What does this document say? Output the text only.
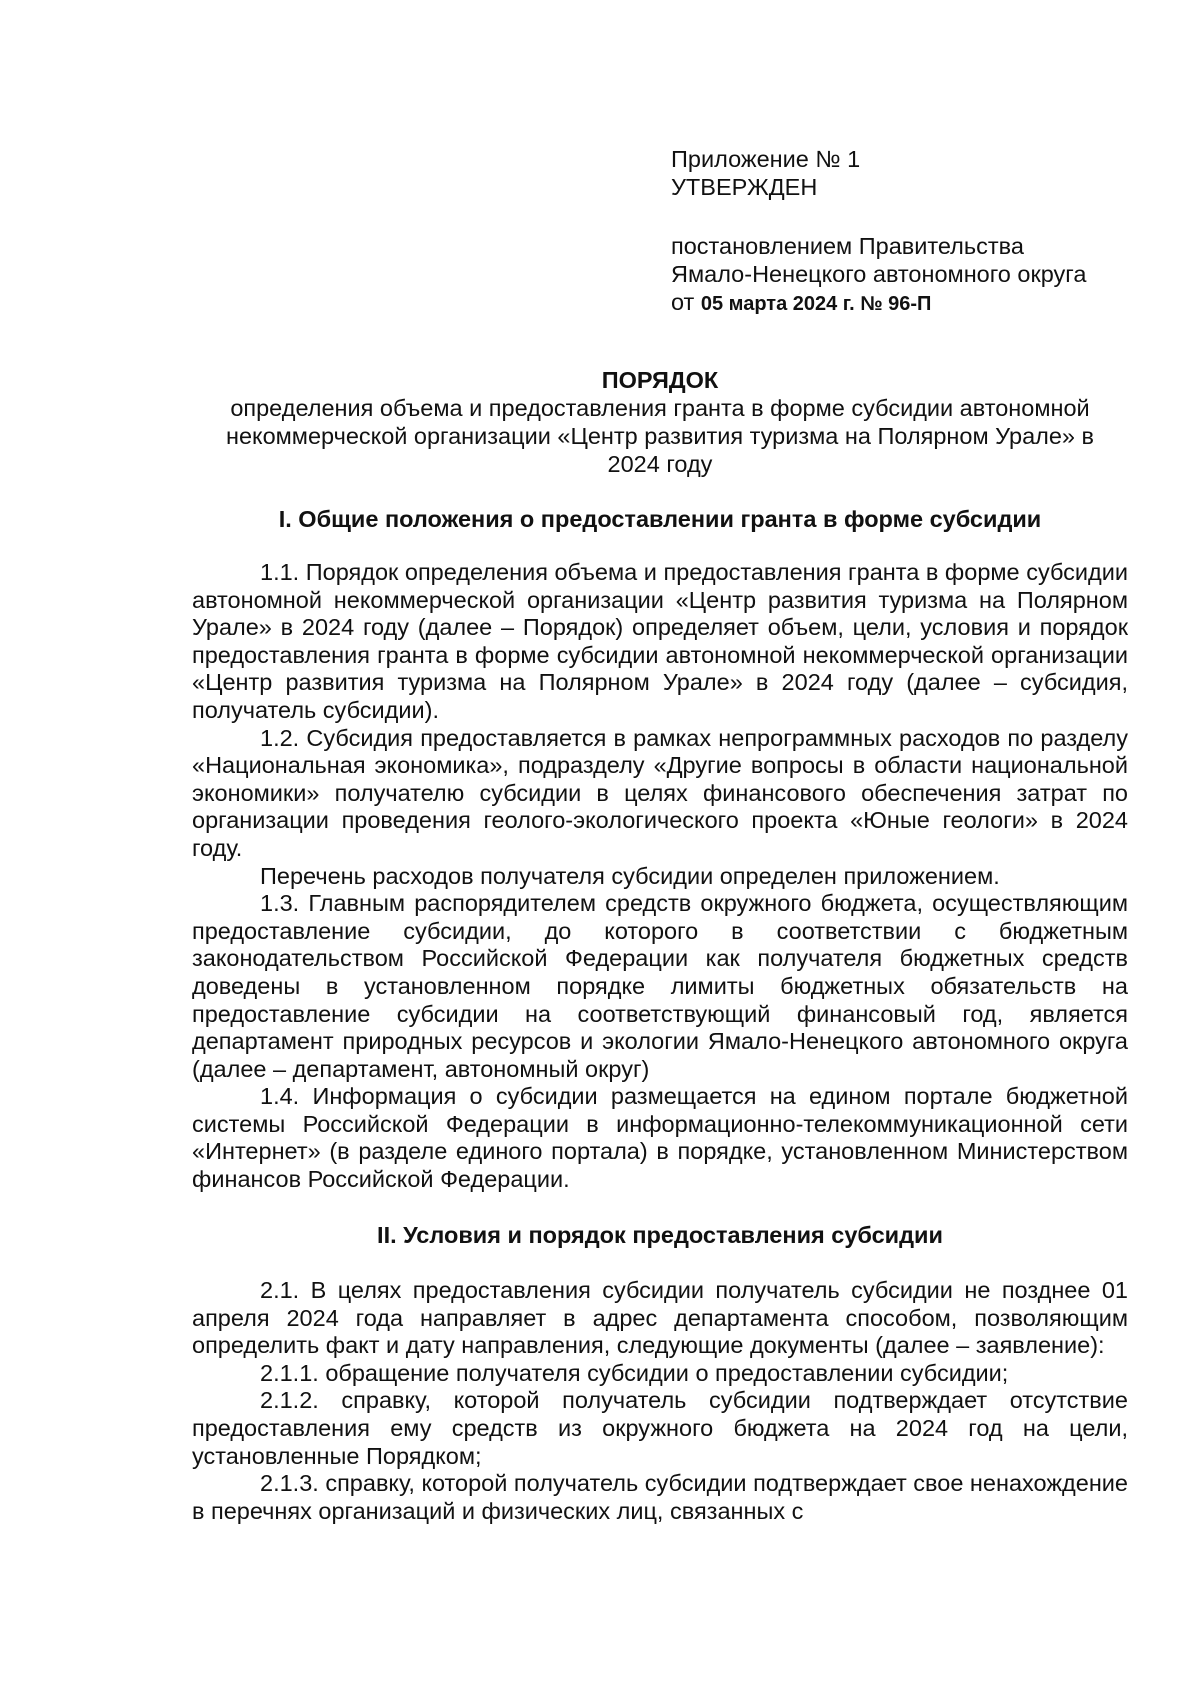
Приложение № 1
УТВЕРЖДЕН
постановлением Правительства
Ямало-Ненецкого автономного округа
от 05 марта 2024 г. № 96-П
ПОРЯДОК
определения объема и предоставления гранта в форме субсидии автономной некоммерческой организации «Центр развития туризма на Полярном Урале» в 2024 году
I. Общие положения о предоставлении гранта в форме субсидии

1.1. Порядок определения объема и предоставления гранта в форме субсидии автономной некоммерческой организации «Центр развития туризма на Полярном Урале» в 2024 году (далее – Порядок) определяет объем, цели, условия и порядок предоставления гранта в форме субсидии автономной некоммерческой организации «Центр развития туризма на Полярном Урале» в 2024 году (далее – субсидия, получатель субсидии).

1.2. Субсидия предоставляется в рамках непрограммных расходов по разделу «Национальная экономика», подразделу «Другие вопросы в области национальной экономики» получателю субсидии в целях финансового обеспечения затрат по организации проведения геолого-экологического проекта «Юные геологи» в 2024 году.

Перечень расходов получателя субсидии определен приложением.

1.3. Главным распорядителем средств окружного бюджета, осуществляющим предоставление субсидии, до которого в соответствии с бюджетным законодательством Российской Федерации как получателя бюджетных средств доведены в установленном порядке лимиты бюджетных обязательств на предоставление субсидии на соответствующий финансовый год, является департамент природных ресурсов и экологии Ямало-Ненецкого автономного округа (далее – департамент, автономный округ)

1.4. Информация о субсидии размещается на едином портале бюджетной системы Российской Федерации в информационно-телекоммуникационной сети «Интернет» (в разделе единого портала) в порядке, установленном Министерством финансов Российской Федерации.

II. Условия и порядок предоставления субсидии

2.1. В целях предоставления субсидии получатель субсидии не позднее 01 апреля 2024 года направляет в адрес департамента способом, позволяющим определить факт и дату направления, следующие документы (далее – заявление):

2.1.1. обращение получателя субсидии о предоставлении субсидии;

2.1.2. справку, которой получатель субсидии подтверждает отсутствие предоставления ему средств из окружного бюджета на 2024 год на цели, установленные Порядком;

2.1.3. справку, которой получатель субсидии подтверждает свое ненахождение в перечнях организаций и физических лиц, связанных с
